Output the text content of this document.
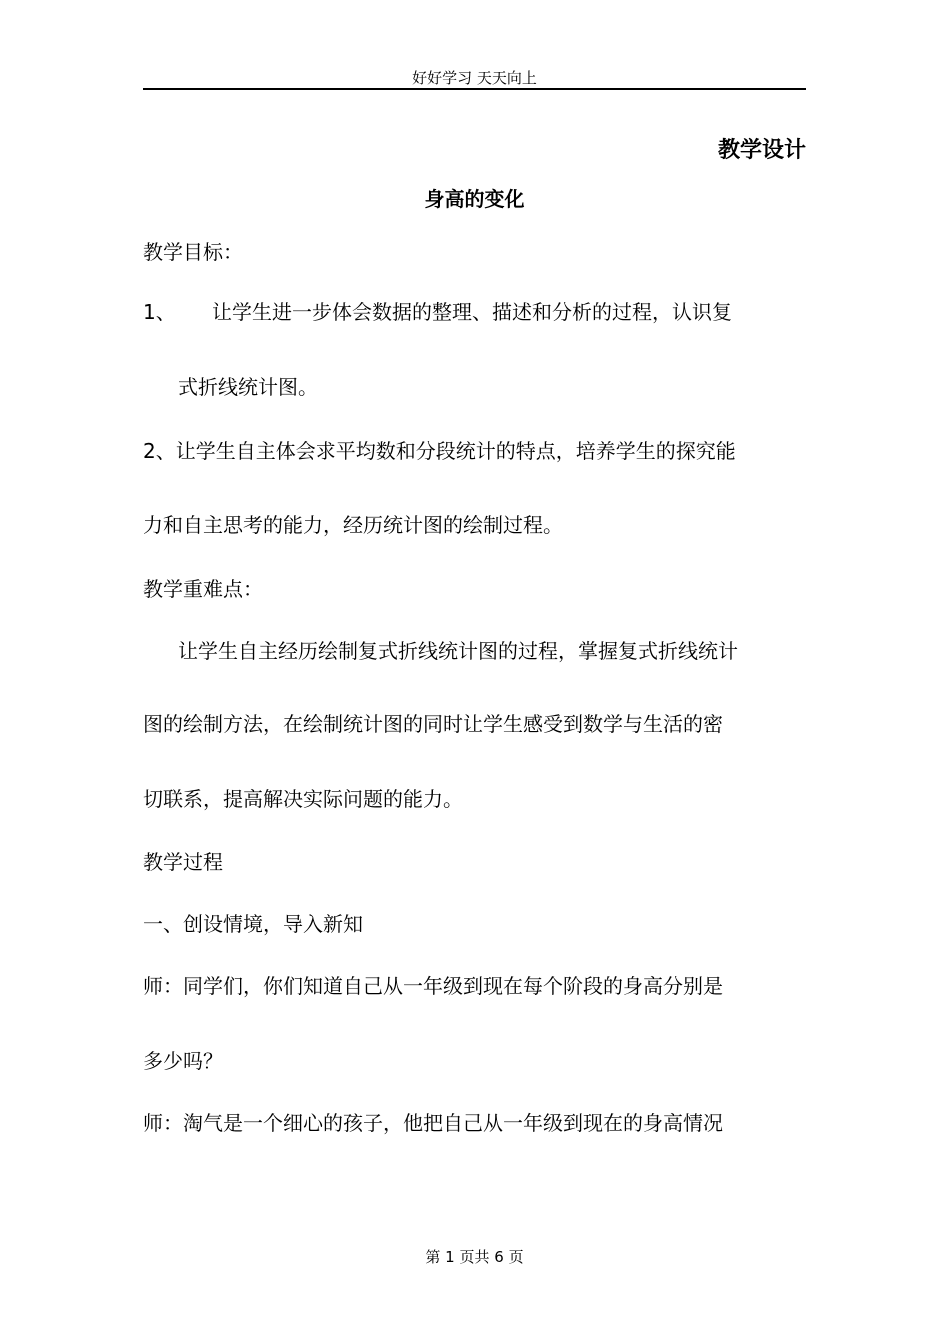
好好学习 天天向上
教学设计
身高的变化
教学目标：
1、 让学生进一步体会数据的整理、描述和分析的过程，认识复
式折线统计图。
2、让学生自主体会求平均数和分段统计的特点，培养学生的探究能
力和自主思考的能力，经历统计图的绘制过程。
教学重难点：
让学生自主经历绘制复式折线统计图的过程，掌握复式折线统计
图的绘制方法，在绘制统计图的同时让学生感受到数学与生活的密
切联系，提高解决实际问题的能力。
教学过程
一、创设情境，导入新知
师：同学们，你们知道自己从一年级到现在每个阶段的身高分别是
多少吗？
师：淘气是一个细心的孩子，他把自己从一年级到现在的身高情况
第 1 页共 6 页
